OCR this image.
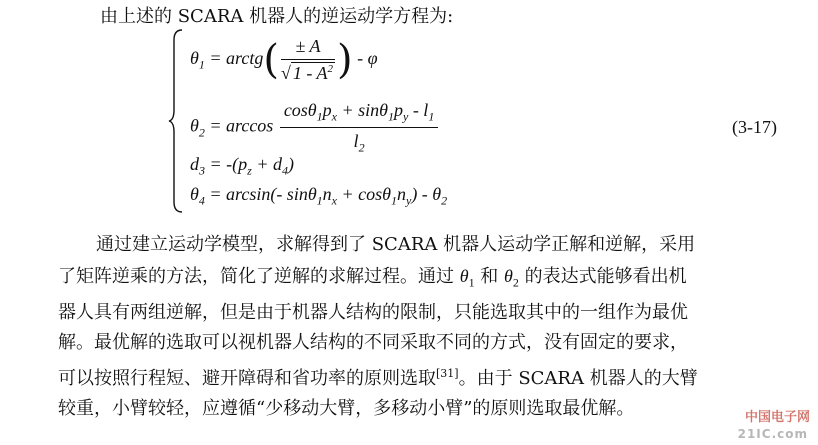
由上述的 SCARA 机器人的逆运动学方程为:
$\theta_1$ = arctg( $\frac{\pm A}{√ 1 - A^2}$ ) - φ
$\theta_2 = \arccos \frac{\cos\theta_1p_x + \sin\theta_1p_y - l_1}{l_2}$
$d_3 = -(p_z + d_4)$
$\theta_4 = \arcsin(-$ $\sin\theta_1n_x + \cos\theta_1n_y) - \theta_2$
(3-17)
通过建立运动学模型，求解得到了 SCARA 机器人运动学正解和逆解，采用
了矩阵逆乘的方法，简化了逆解的求解过程。通过 $\theta_1$ 和 $\theta_2$ 的表达式能够看出机
器人具有两组逆解，但是由于机器人结构的限制，只能选取其中的一组作为最优
解。最优解的选取可以视机器人结构的不同采取不同的方式，没有固定的要求，
可以按照行程短、避开障碍和省功率的原则选取[31]。由于 SCARA 机器人的大臂
较重，小臂较轻，应遵循“少移动大臂，多移动小臂”的原则选取最优解。	中国电子网
21IC.com
